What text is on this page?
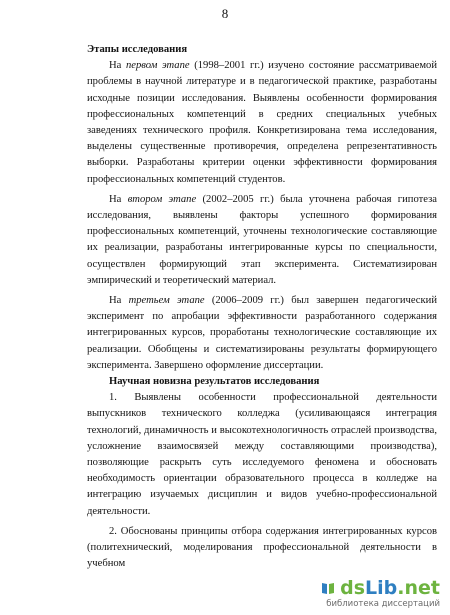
8

Этапы исследования

На первом этапе (1998–2001 гг.) изучено состояние рассматриваемой проблемы в научной литературе и в педагогической практике, разработаны исходные позиции исследования. Выявлены особенности формирования профессиональных компетенций в средних специальных учебных заведениях технического профиля. Конкретизирована тема исследования, выделены существенные противоречия, определена репрезентативность выборки. Разработаны критерии оценки эффективности формирования профессиональных компетенций студентов.

На втором этапе (2002–2005 гг.) была уточнена рабочая гипотеза исследования, выявлены факторы успешного формирования профессиональных компетенций, уточнены технологические составляющие их реализации, разработаны интегрированные курсы по специальности, осуществлен формирующий этап эксперимента. Систематизирован эмпирический и теоретический материал.

На третьем этапе (2006–2009 гг.) был завершен педагогический эксперимент по апробации эффективности разработанного содержания интегрированных курсов, проработаны технологические составляющие их реализации. Обобщены и систематизированы результаты формирующего эксперимента. Завершено оформление диссертации.

Научная новизна результатов исследования

1. Выявлены особенности профессиональной деятельности выпускников технического колледжа (усиливающаяся интеграция технологий, динамичность и высокотехнологичность отраслей производства, усложнение взаимосвязей между составляющими производства), позволяющие раскрыть суть исследуемого феномена и обосновать необходимость ориентации образовательного процесса в колледже на интеграцию изучаемых дисциплин и видов учебно-профессиональной деятельности.

2. Обоснованы принципы отбора содержания интегрированных курсов (политехнический, моделирования профессиональной деятельности в учебном

dsLib.net
библиотека диссертаций
